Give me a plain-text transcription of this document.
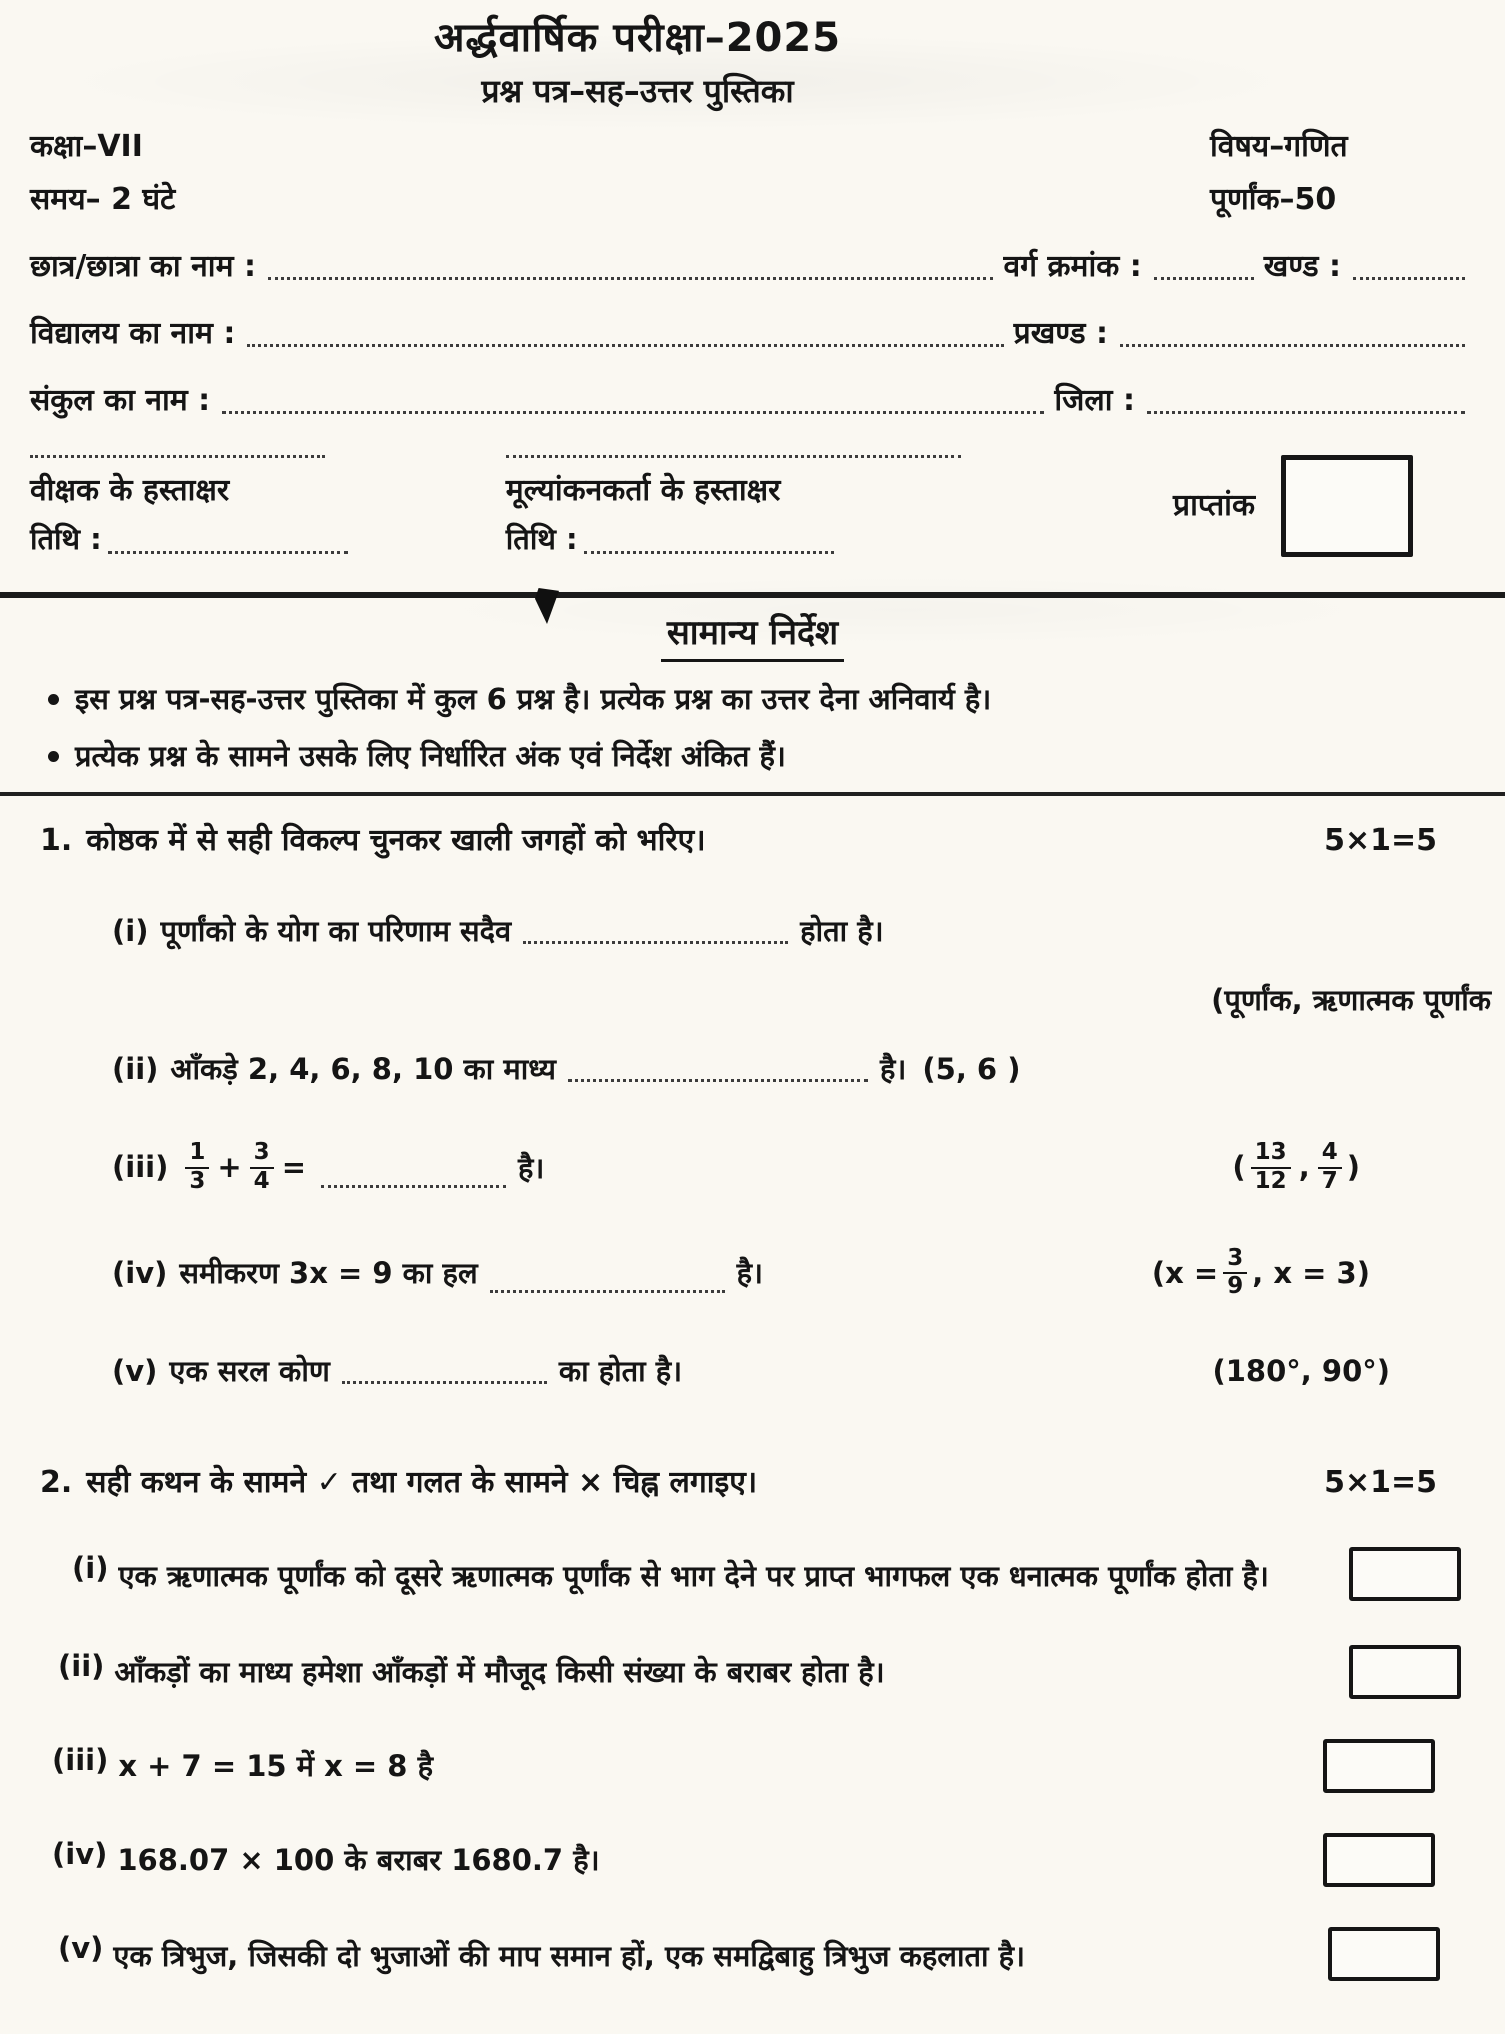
अर्द्धवार्षिक परीक्षा–2025
प्रश्न पत्र–सह–उत्तर पुस्तिका
कक्षा–VII	विषय–गणित
समय– 2 घंटे	पूर्णांक–50
छात्र/छात्रा का नाम :	वर्ग क्रमांक :	खण्ड :
विद्यालय का नाम :	प्रखण्ड :
संकुल का नाम :	जिला :
वीक्षक के हस्ताक्षर
तिथि :
मूल्यांकनकर्ता के हस्ताक्षर
तिथि :
प्राप्तांक
सामान्य निर्देश
इस प्रश्न पत्र-सह-उत्तर पुस्तिका में कुल 6 प्रश्न है। प्रत्येक प्रश्न का उत्तर देना अनिवार्य है।
प्रत्येक प्रश्न के सामने उसके लिए निर्धारित अंक एवं निर्देश अंकित हैं।
1. कोष्ठक में से सही विकल्प चुनकर खाली जगहों को भरिए।	5×1=5
(i) पूर्णांको के योग का परिणाम सदैव	होता है।
(पूर्णांक, ऋणात्मक पूर्णांक
(ii) आँकड़े 2, 4, 6, 8, 10 का माध्य	है। (5, 6 )
$(iii) \frac{1}{3} + \frac{3}{4}$ =	है।	( $\frac{13}{12}$ , $\frac{4}{7}$ )
(iv) समीकरण 3x = 9 का हल	है।	($x = \frac{3}{9}$ , x = 3)
(v) एक सरल कोण	का होता है।	(180°, 90°)
2. सही कथन के सामने ✓ तथा गलत के सामने × चिह्न लगाइए।	5×1=5
(i) एक ऋणात्मक पूर्णांक को दूसरे ऋणात्मक पूर्णांक से भाग देने पर प्राप्त भागफल एक धनात्मक पूर्णांक होता है।
(ii) आँकड़ों का माध्य हमेशा आँकड़ों में मौजूद किसी संख्या के बराबर होता है।
(iii) x + 7 = 15 में x = 8 है
(iv) 168.07 × 100 के बराबर 1680.7 है।
(v) एक त्रिभुज, जिसकी दो भुजाओं की माप समान हों, एक समद्विबाहु त्रिभुज कहलाता है।
